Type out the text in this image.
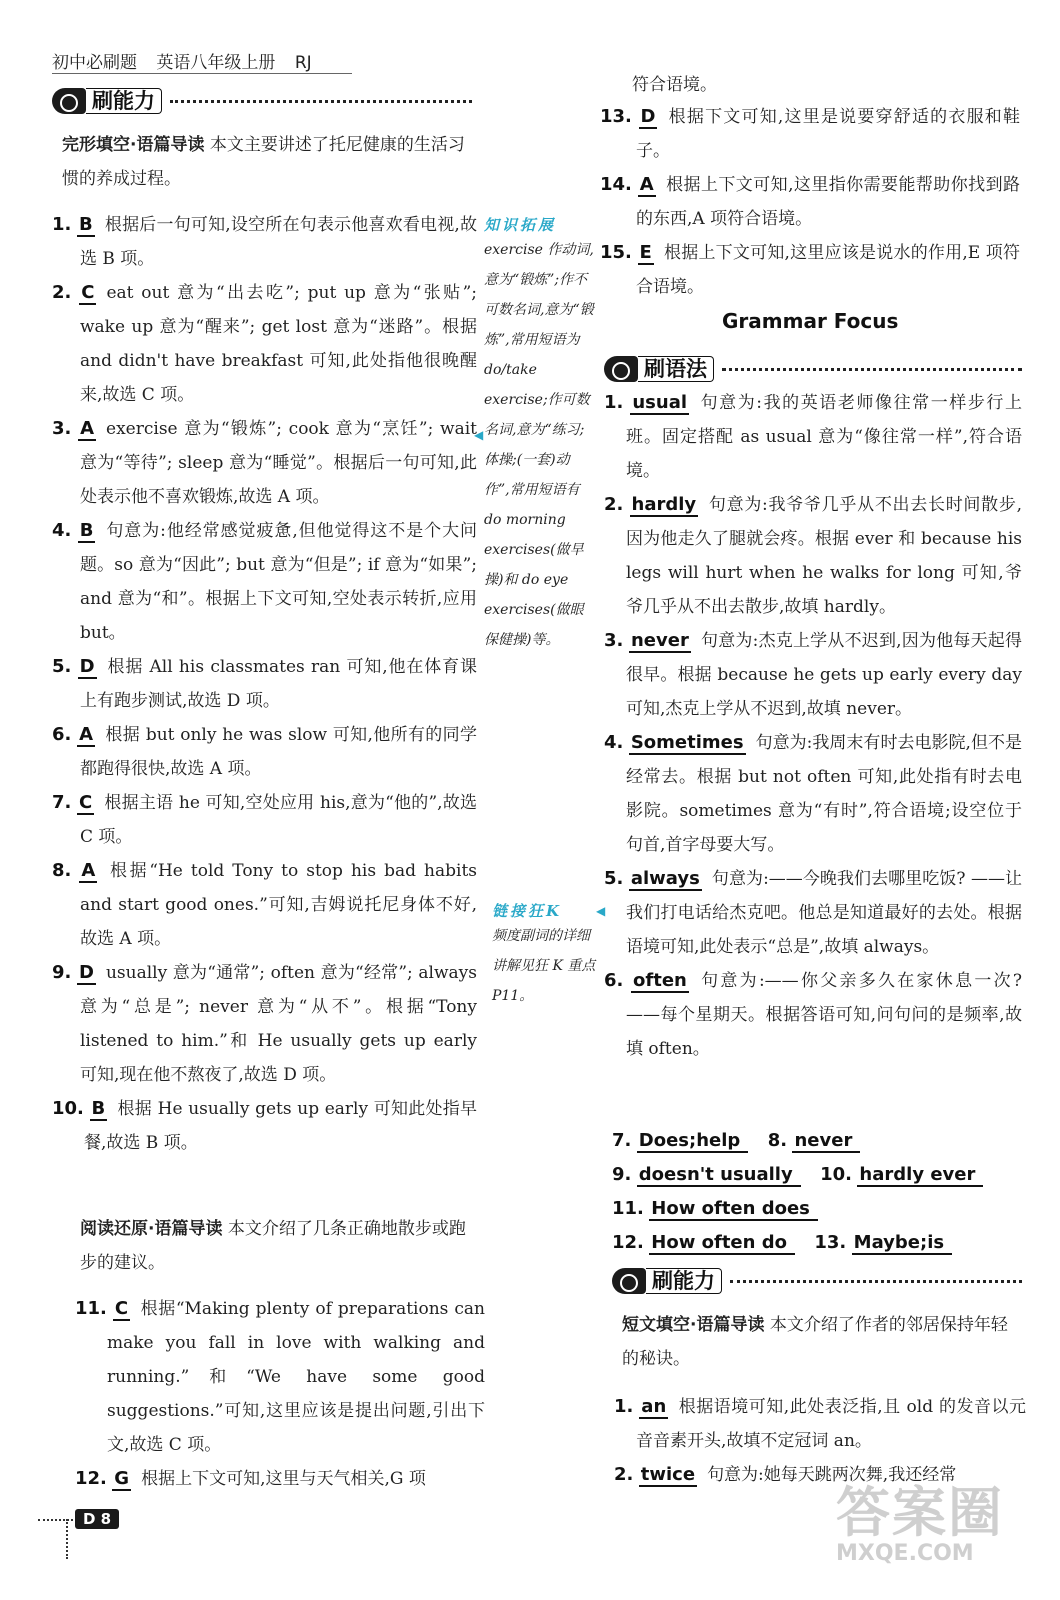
初中必刷题 英语八年级上册 RJ
刷能力
完形填空·语篇导读 本文主要讲述了托尼健康的生活习惯的养成过程。
1. B 根据后一句可知,设空所在句表示他喜欢看电视,故选 B 项。
2. C eat out 意为“出去吃”; put up 意为“张贴”; wake up 意为“醒来”; get lost 意为“迷路”。根据 and didn't have breakfast 可知,此处指他很晚醒来,故选 C 项。
3. A exercise 意为“锻炼”; cook 意为“烹饪”; wait 意为“等待”; sleep 意为“睡觉”。根据后一句可知,此处表示他不喜欢锻炼,故选 A 项。
4. B 句意为:他经常感觉疲惫,但他觉得这不是个大问题。so 意为“因此”; but 意为“但是”; if 意为“如果”; and 意为“和”。根据上下文可知,空处表示转折,应用 but。
5. D 根据 All his classmates ran 可知,他在体育课上有跑步测试,故选 D 项。
6. A 根据 but only he was slow 可知,他所有的同学都跑得很快,故选 A 项。
7. C 根据主语 he 可知,空处应用 his,意为“他的”,故选 C 项。
8. A 根据“He told Tony to stop his bad habits and start good ones.”可知,吉姆说托尼身体不好,故选 A 项。
9. D usually 意为“通常”; often 意为“经常”; always 意为“总是”; never 意为“从不”。根据“Tony listened to him.”和 He usually gets up early 可知,现在他不熬夜了,故选 D 项。
10. B 根据 He usually gets up early 可知此处指早餐,故选 B 项。
阅读还原·语篇导读 本文介绍了几条正确地散步或跑步的建议。
11. C 根据“Making plenty of preparations can make you fall in love with walking and running.”和“We have some good suggestions.”可知,这里应该是提出问题,引出下文,故选 C 项。
12. G 根据上下文可知,这里与天气相关,G 项
知识拓展
exercise 作动词,意为“锻炼”;作不可数名词,意为“锻炼”,常用短语为 do/take exercise;作可数名词,意为“练习;体操;(一套)动作”,常用短语有 do morning exercises(做早操)和 do eye exercises(做眼保健操)等。
◀
链接狂K
频度副词的详细讲解见狂 K 重点 P11。
◀
符合语境。
13. D 根据下文可知,这里是说要穿舒适的衣服和鞋子。
14. A 根据上下文可知,这里指你需要能帮助你找到路的东西,A 项符合语境。
15. E 根据上下文可知,这里应该是说水的作用,E 项符合语境。
Grammar Focus
刷语法
1. usual 句意为:我的英语老师像往常一样步行上班。固定搭配 as usual 意为“像往常一样”,符合语境。
2. hardly 句意为:我爷爷几乎从不出去长时间散步,因为他走久了腿就会疼。根据 ever 和 because his legs will hurt when he walks for long 可知,爷爷几乎从不出去散步,故填 hardly。
3. never 句意为:杰克上学从不迟到,因为他每天起得很早。根据 because he gets up early every day 可知,杰克上学从不迟到,故填 never。
4. Sometimes 句意为:我周末有时去电影院,但不是经常去。根据 but not often 可知,此处指有时去电影院。sometimes 意为“有时”,符合语境;设空位于句首,首字母要大写。
5. always 句意为:——今晚我们去哪里吃饭? ——让我们打电话给杰克吧。他总是知道最好的去处。根据语境可知,此处表示“总是”,故填 always。
6. often 句意为:——你父亲多久在家休息一次? ——每个星期天。根据答语可知,问句问的是频率,故填 often。
7. Does;help 8. never
9. doesn't usually 10. hardly ever
11. How often does
12. How often do 13. Maybe;is
刷能力
短文填空·语篇导读 本文介绍了作者的邻居保持年轻的秘诀。
1. an 根据语境可知,此处表泛指,且 old 的发音以元音音素开头,故填不定冠词 an。
2. twice 句意为:她每天跳两次舞,我还经常
D 8	答案圈
MXQE.COM
